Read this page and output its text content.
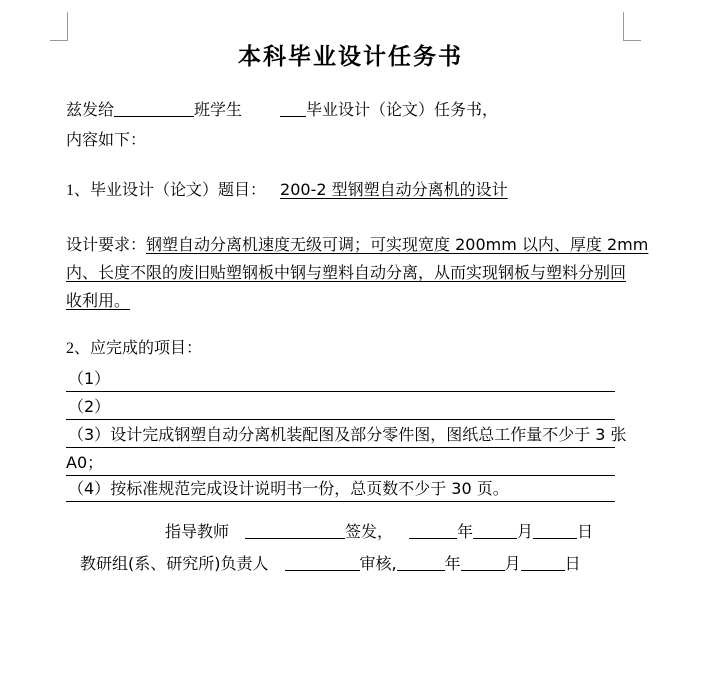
本科毕业设计任务书
兹发给	班学生	毕业设计（论文）任务书，
内容如下：
1、毕业设计（论文）题目： 200-2 型钢塑自动分离机的设计
设计要求：钢塑自动分离机速度无级可调；可实现宽度 200mm 以内、厚度 2mm
内、长度不限的废旧贴塑钢板中钢与塑料自动分离，从而实现钢板与塑料分别回
收利用。
2、应完成的项目：
（1）
（2）
（3）设计完成钢塑自动分离机装配图及部分零件图，图纸总工作量不少于 3 张
A0；
（4）按标准规范完成设计说明书一份，总页数不少于 30 页。
指导教师	签发，	年	月	日
教研组(系、研究所)负责人	审核,	年	月	日
